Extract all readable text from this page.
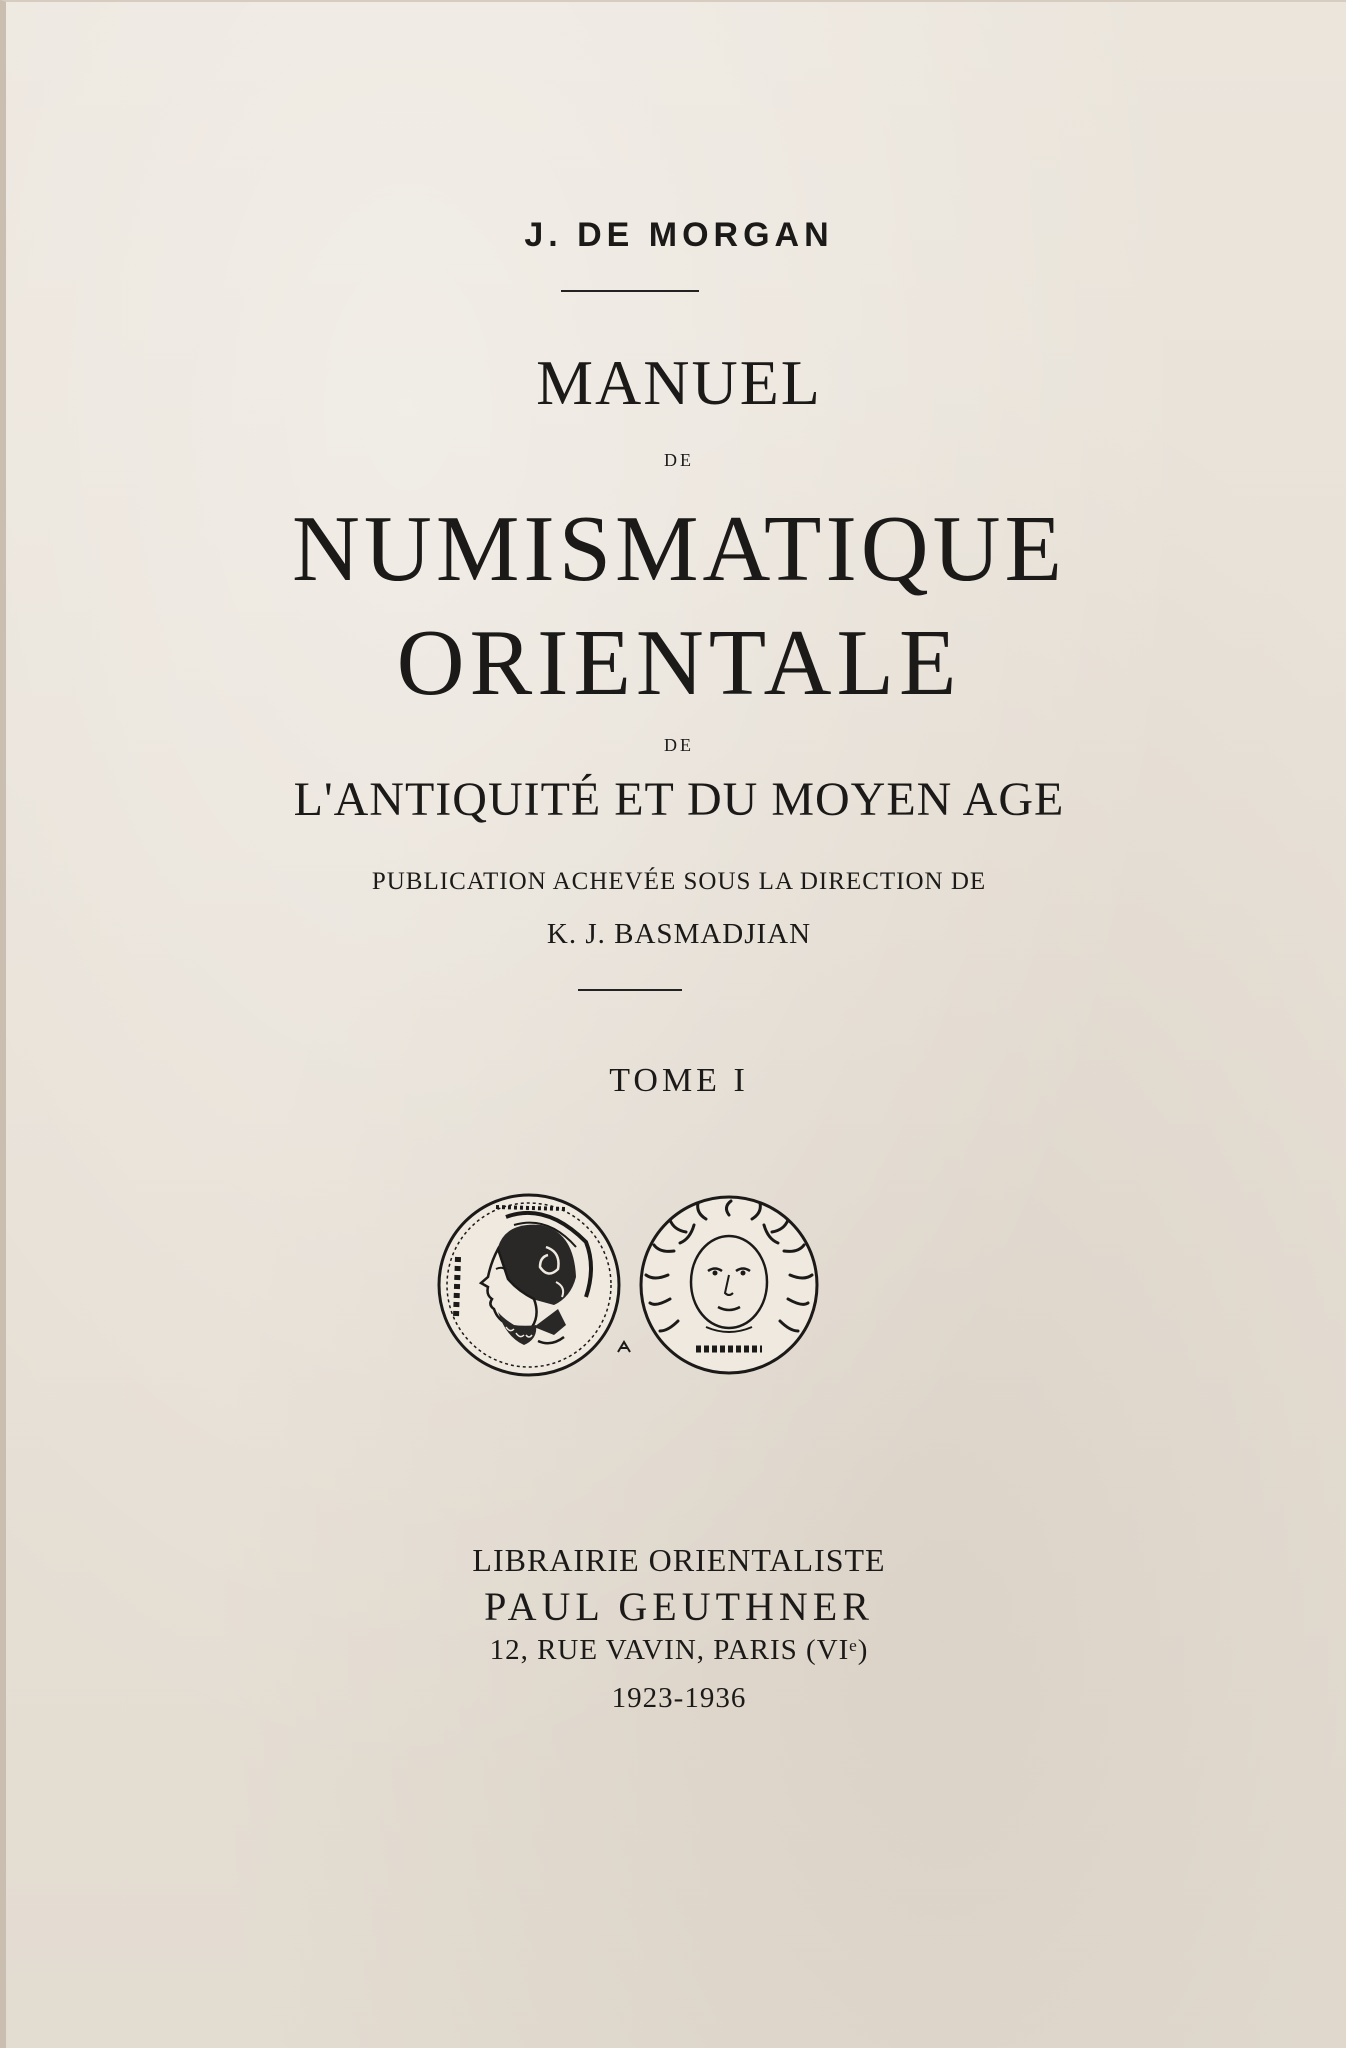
J. DE MORGAN
MANUEL
DE
NUMISMATIQUE
ORIENTALE
DE
L'ANTIQUITÉ ET DU MOYEN AGE
PUBLICATION ACHEVÉE SOUS LA DIRECTION DE
K. J. BASMADJIAN
TOME I
LIBRAIRIE ORIENTALISTE
PAUL GEUTHNER
12, RUE VAVIN, PARIS (VIᵉ)
1923-1936
